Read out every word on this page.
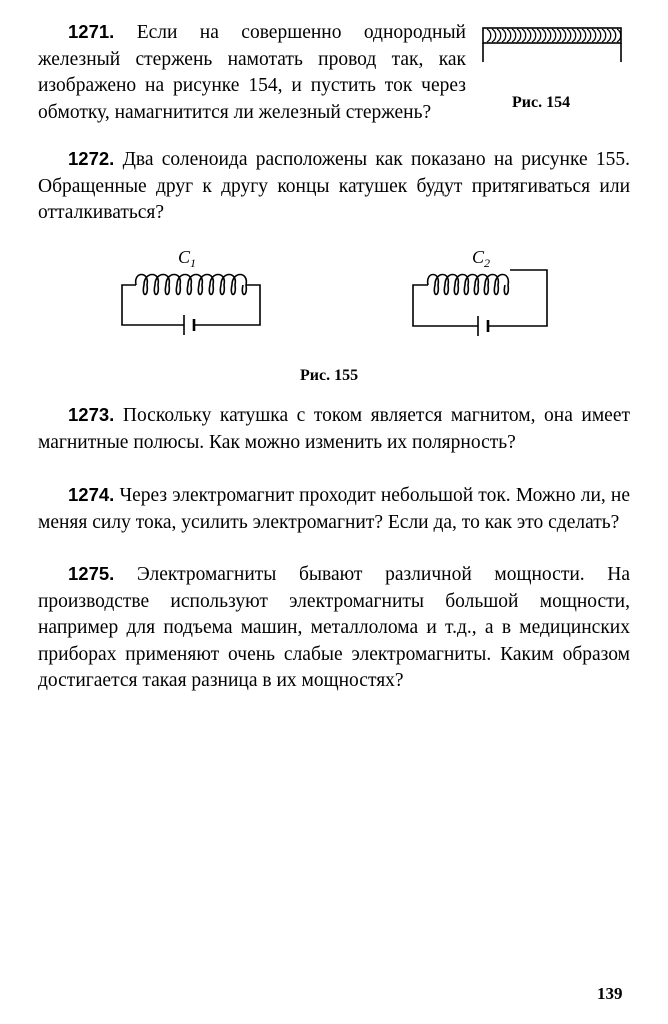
1271. Если на совершенно однородный железный стержень намотать провод так, как изображено на рисунке 154, и пустить ток через обмотку, намагнитится ли железный стержень?	Рис. 154

1272. Два соленоида расположены как показано на рисунке 155. Обращенные друг к другу концы катушек будут притягиваться или отталкиваться?

$C_1$	$C_2$
Рис. 155

1273. Поскольку катушка с током является магнитом, она имеет магнитные полюсы. Как можно изменить их полярность?

1274. Через электромагнит проходит небольшой ток. Можно ли, не меняя силу тока, усилить электромагнит? Если да, то как это сделать?

1275. Электромагниты бывают различной мощности. На производстве используют электромагниты большой мощности, например для подъема машин, металлолома и т.д., а в медицинских приборах применяют очень слабые электромагниты. Каким образом достигается такая разница в их мощностях?

139
